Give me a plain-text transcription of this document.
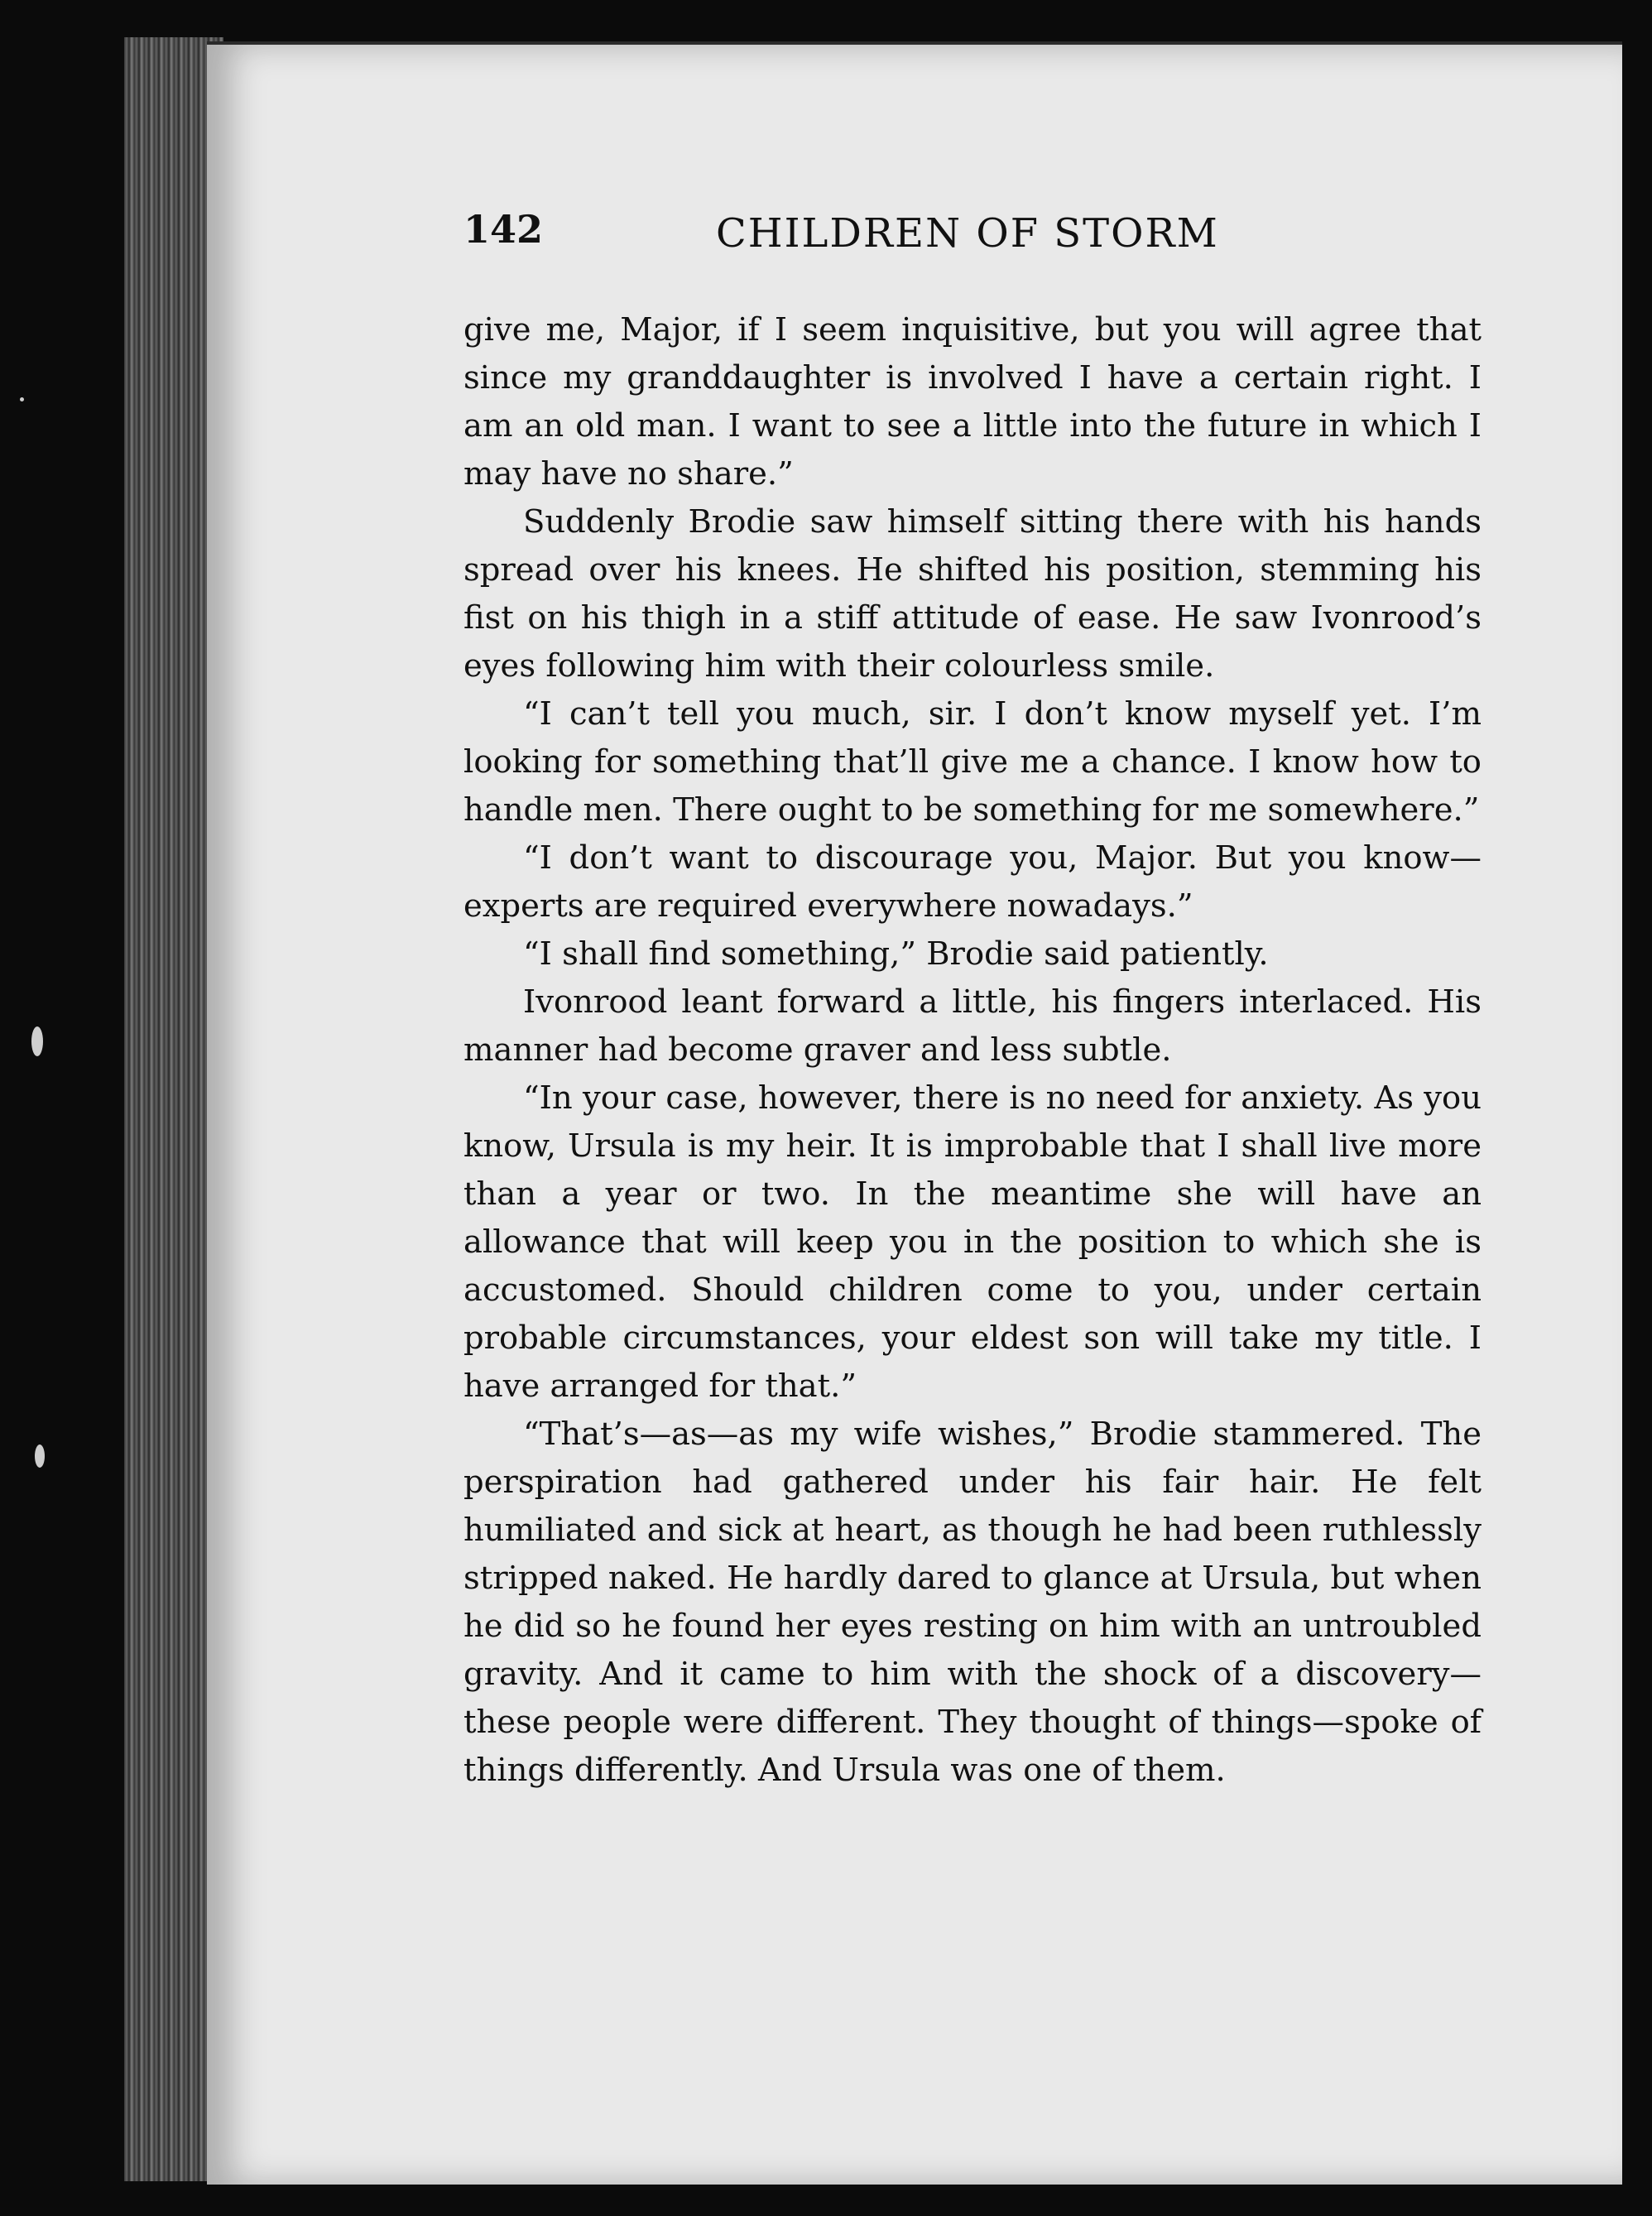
142	CHILDREN OF STORM

give me, Major, if I seem inquisitive, but you will agree that since my granddaughter is involved I have a certain right. I am an old man. I want to see a little into the future in which I may have no share.”

Suddenly Brodie saw himself sitting there with his hands spread over his knees. He shifted his position, stemming his fist on his thigh in a stiff attitude of ease. He saw Ivonrood’s eyes following him with their colourless smile.

“I can’t tell you much, sir. I don’t know myself yet. I’m looking for something that’ll give me a chance. I know how to handle men. There ought to be something for me somewhere.”

“I don’t want to discourage you, Major. But you know—experts are required everywhere nowadays.”

“I shall find something,” Brodie said patiently.

Ivonrood leant forward a little, his fingers interlaced. His manner had become graver and less subtle.

“In your case, however, there is no need for anxiety. As you know, Ursula is my heir. It is improbable that I shall live more than a year or two. In the meantime she will have an allowance that will keep you in the position to which she is accustomed. Should children come to you, under certain probable circumstances, your eldest son will take my title. I have arranged for that.”

“That’s—as—as my wife wishes,” Brodie stammered. The perspiration had gathered under his fair hair. He felt humiliated and sick at heart, as though he had been ruthlessly stripped naked. He hardly dared to glance at Ursula, but when he did so he found her eyes resting on him with an untroubled gravity. And it came to him with the shock of a discovery—these people were different. They thought of things—spoke of things differently. And Ursula was one of them.
